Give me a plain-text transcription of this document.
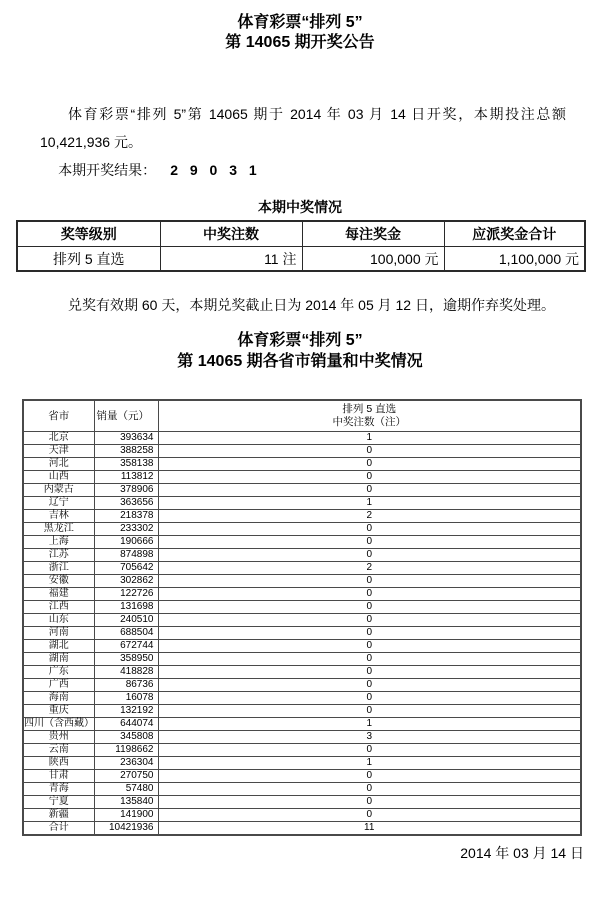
体育彩票“排列 5”
第 14065 期开奖公告

体育彩票“排列 5”第 14065 期于 2014 年 03 月 14 日开奖，本期投注总额 10,421,936 元。

本期开奖结果： 2 9 0 3 1

本期中奖情况
奖等级别	中奖注数	每注奖金	应派奖金合计
排列 5 直选	11 注	100,000 元	1,100,000 元

兑奖有效期 60 天，本期兑奖截止日为 2014 年 05 月 12 日，逾期作弃奖处理。

体育彩票“排列 5”
第 14065 期各省市销量和中奖情况
省市	销量（元）	排列 5 直选
中奖注数（注）

北京	393634	1
天津	388258	0
河北	358138	0
山西	113812	0
内蒙古	378906	0
辽宁	363656	1
吉林	218378	2
黑龙江	233302	0
上海	190666	0
江苏	874898	0
浙江	705642	2
安徽	302862	0
福建	122726	0
江西	131698	0
山东	240510	0
河南	688504	0
湖北	672744	0
湖南	358950	0
广东	418828	0
广西	86736	0
海南	16078	0
重庆	132192	0
四川（含西藏）	644074	1
贵州	345808	3
云南	1198662	0
陕西	236304	1
甘肃	270750	0
青海	57480	0
宁夏	135840	0
新疆	141900	0
合计	10421936	11
2014 年 03 月 14 日
